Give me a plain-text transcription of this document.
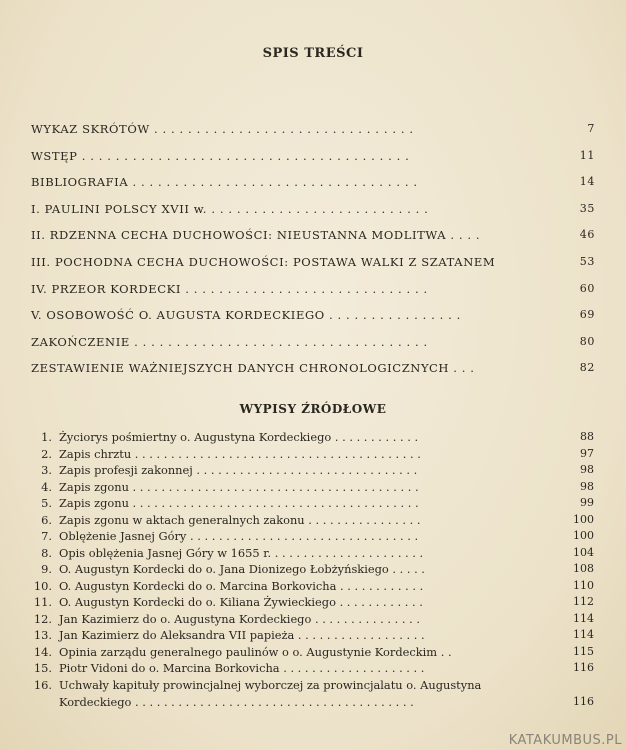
SPIS TREŚCI
WYKAZ SKRÓTÓW . . . . . . . . . . . . . . . . . . . . . . . . . . . . . . .	7
WSTĘP . . . . . . . . . . . . . . . . . . . . . . . . . . . . . . . . . . . . . . .	11
BIBLIOGRAFIA . . . . . . . . . . . . . . . . . . . . . . . . . . . . . . . . . .	14
I. PAULINI POLSCY XVII w. . . . . . . . . . . . . . . . . . . . . . . . . . .	35
II. RDZENNA CECHA DUCHOWOŚCI: NIEUSTANNA MODLITWA . . . .	46
III. POCHODNA CECHA DUCHOWOŚCI: POSTAWA WALKI Z SZATANEM	53
IV. PRZEOR KORDECKI . . . . . . . . . . . . . . . . . . . . . . . . . . . . .	60
V. OSOBOWOŚĆ O. AUGUSTA KORDECKIEGO . . . . . . . . . . . . . . . .	69
ZAKOŃCZENIE . . . . . . . . . . . . . . . . . . . . . . . . . . . . . . . . . . .	80
ZESTAWIENIE WAŻNIEJSZYCH DANYCH CHRONOLOGICZNYCH . . .	82
WYPISY ŹRÓDŁOWE
1. Życiorys pośmiertny o. Augustyna Kordeckiego . . . . . . . . . . . .	88
2. Zapis chrztu . . . . . . . . . . . . . . . . . . . . . . . . . . . . . . . . . . . . . . . .	97
3. Zapis profesji zakonnej . . . . . . . . . . . . . . . . . . . . . . . . . . . . . . .	98
4. Zapis zgonu . . . . . . . . . . . . . . . . . . . . . . . . . . . . . . . . . . . . . . . .	98
5. Zapis zgonu . . . . . . . . . . . . . . . . . . . . . . . . . . . . . . . . . . . . . . . .	99
6. Zapis zgonu w aktach generalnych zakonu . . . . . . . . . . . . . . . .	100
7. Oblężenie Jasnej Góry . . . . . . . . . . . . . . . . . . . . . . . . . . . . . . . .	100
8. Opis oblężenia Jasnej Góry w 1655 r. . . . . . . . . . . . . . . . . . . . . .	104
9. O. Augustyn Kordecki do o. Jana Dionizego Łobżyńskiego . . . . .	108
10. O. Augustyn Kordecki do o. Marcina Borkovicha . . . . . . . . . . . .	110
11. O. Augustyn Kordecki do o. Kiliana Żywieckiego . . . . . . . . . . . .	112
12. Jan Kazimierz do o. Augustyna Kordeckiego . . . . . . . . . . . . . . .	114
13. Jan Kazimierz do Aleksandra VII papieża . . . . . . . . . . . . . . . . . .	114
14. Opinia zarządu generalnego paulinów o o. Augustynie Kordeckim . .	115
15. Piotr Vidoni do o. Marcina Borkovicha . . . . . . . . . . . . . . . . . . . .	116
16. Uchwały kapituły prowincjalnej wyborczej za prowincjalatu o. Augustyna
Kordeckiego . . . . . . . . . . . . . . . . . . . . . . . . . . . . . . . . . . . . . . .	116
KATAKUMBUS.PL
